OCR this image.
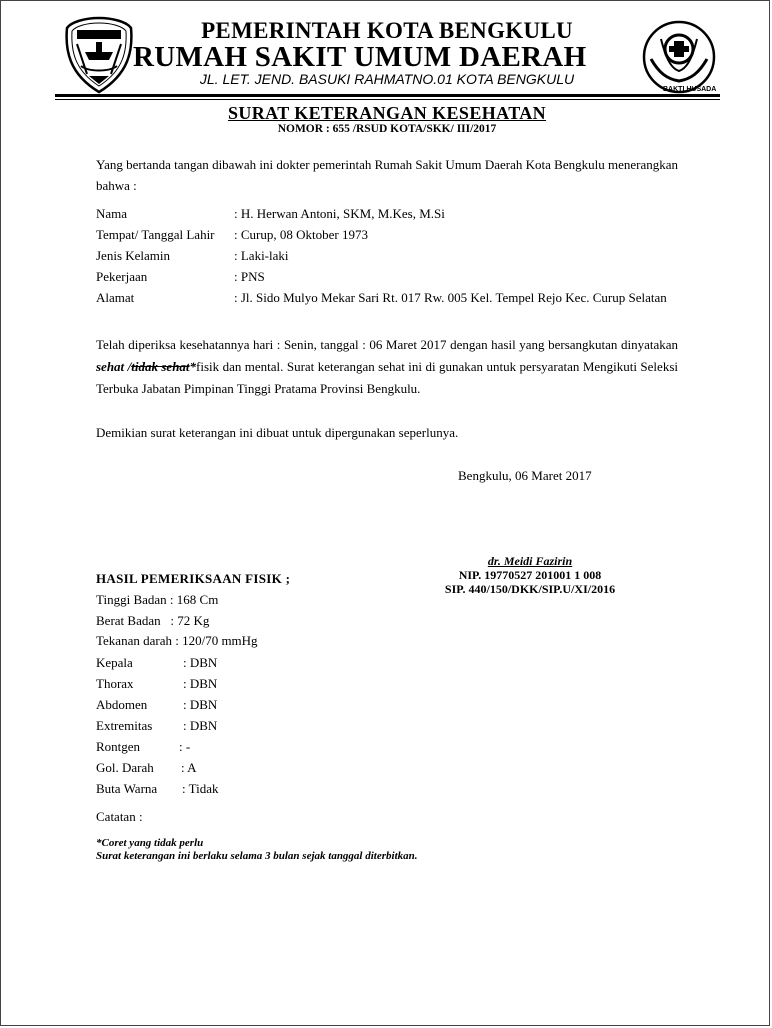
BAKTI HUSADA
PEMERINTAH KOTA BENGKULU
RUMAH SAKIT UMUM DAERAH
JL. LET. JEND. BASUKI RAHMATNO.01 KOTA BENGKULU
SURAT KETERANGAN KESEHATAN
NOMOR : 655 /RSUD KOTA/SKK/ III/2017
Yang bertanda tangan dibawah ini dokter pemerintah Rumah Sakit Umum Daerah Kota Bengkulu menerangkan bahwa :
Nama	: H. Herwan Antoni, SKM, M.Kes, M.Si
Tempat/ Tanggal Lahir : Curup, 08 Oktober 1973
Jenis Kelamin	: Laki-laki
Pekerjaan	: PNS
Alamat	: Jl. Sido Mulyo Mekar Sari Rt. 017 Rw. 005 Kel. Tempel Rejo Kec. Curup Selatan
Telah diperiksa kesehatannya hari : Senin, tanggal : 06 Maret 2017 dengan hasil yang bersangkutan dinyatakan sehat /tidak sehat*fisik dan mental. Surat keterangan sehat ini di gunakan untuk persyaratan Mengikuti Seleksi Terbuka Jabatan Pimpinan Tinggi Pratama Provinsi Bengkulu.
Demikian surat keterangan ini dibuat untuk dipergunakan seperlunya.
Bengkulu, 06 Maret 2017
dr. Meidi Fazirin
NIP. 19770527 201001 1 008
SIP. 440/150/DKK/SIP.U/XI/2016
HASIL PEMERIKSAAN FISIK ;
Tinggi Badan : 168 Cm
Berat Badan : 72 Kg
Tekanan darah : 120/70 mmHg
Kepala	: DBN
Thorax	: DBN
Abdomen	: DBN
Extremitas : DBN
Rontgen	: -
Gol. Darah : A
Buta Warna : Tidak
Catatan :
*Coret yang tidak perlu
Surat keterangan ini berlaku selama 3 bulan sejak tanggal diterbitkan.
